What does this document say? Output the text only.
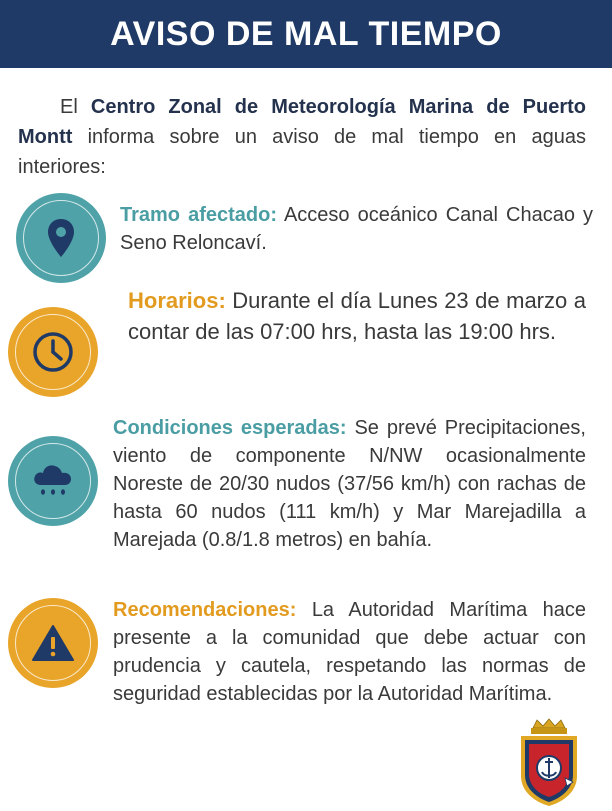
AVISO DE MAL TIEMPO

El Centro Zonal de Meteorología Marina de Puerto Montt informa sobre un aviso de mal tiempo en aguas interiores:

Tramo afectado: Acceso oceánico Canal Chacao y Seno Reloncaví.
Horarios: Durante el día Lunes 23 de marzo a contar de las 07:00 hrs, hasta las 19:00 hrs.
Condiciones esperadas: Se prevé Precipitaciones, viento de componente N/NW ocasionalmente Noreste de 20/30 nudos (37/56 km/h) con rachas de hasta 60 nudos (111 km/h) y Mar Marejadilla a Marejada (0.8/1.8 metros) en bahía.
Recomendaciones: La Autoridad Marítima hace presente a la comunidad que debe actuar con prudencia y cautela, respetando las normas de seguridad establecidas por la Autoridad Marítima.
